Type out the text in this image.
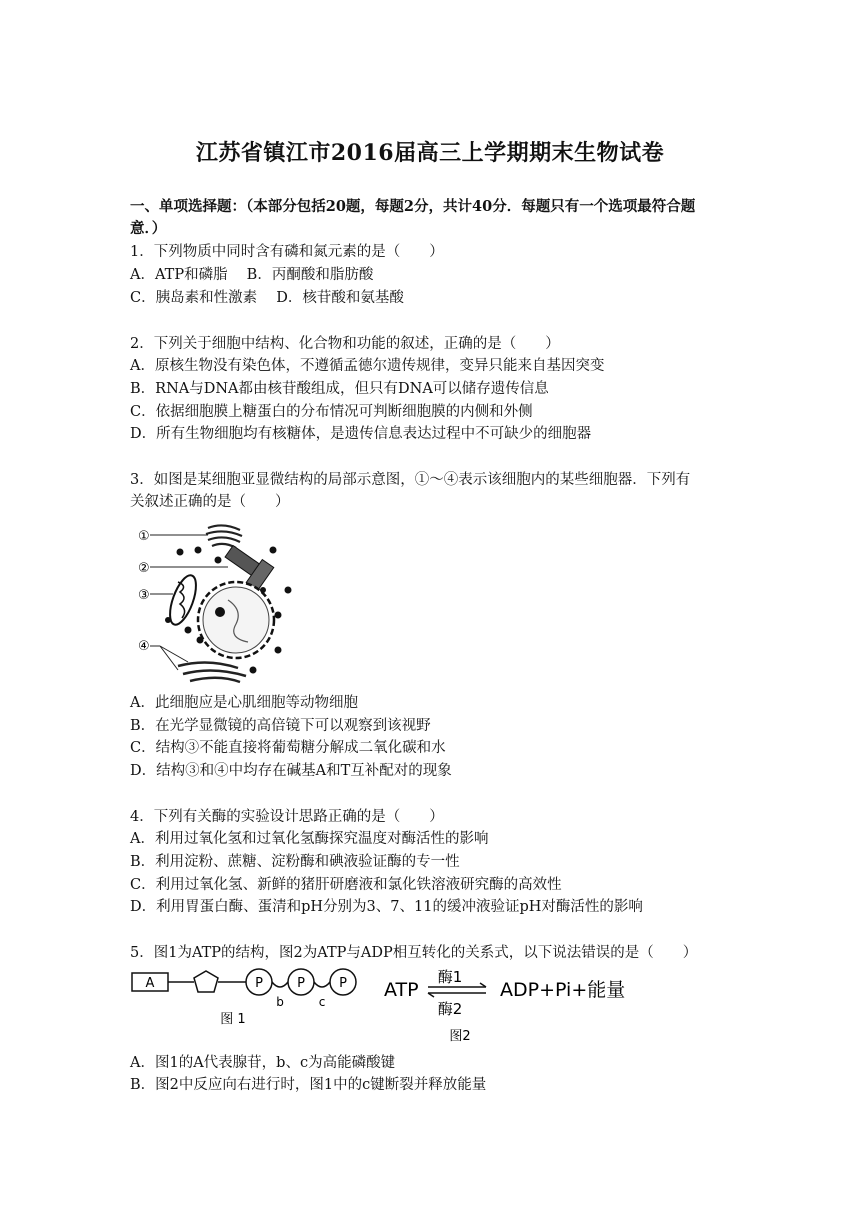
江苏省镇江市2016届高三上学期期末生物试卷
一、单项选择题：（本部分包括20题，每题2分，共计40分．每题只有一个选项最符合题
意．）
1．下列物质中同时含有磷和氮元素的是（　　）
A．ATP和磷脂　 B．丙酮酸和脂肪酸
C．胰岛素和性激素　 D．核苷酸和氨基酸
2．下列关于细胞中结构、化合物和功能的叙述，正确的是（　　）
A．原核生物没有染色体，不遵循孟德尔遗传规律，变异只能来自基因突变
B．RNA与DNA都由核苷酸组成，但只有DNA可以储存遗传信息
C．依据细胞膜上糖蛋白的分布情况可判断细胞膜的内侧和外侧
D．所有生物细胞均有核糖体，是遗传信息表达过程中不可缺少的细胞器
3．如图是某细胞亚显微结构的局部示意图，①～④表示该细胞内的某些细胞器．下列有
关叙述正确的是（　　）
①
②
③
④
A．此细胞应是心肌细胞等动物细胞
B．在光学显微镜的高倍镜下可以观察到该视野
C．结构③不能直接将葡萄糖分解成二氧化碳和水
D．结构③和④中均存在碱基A和T互补配对的现象
4．下列有关酶的实验设计思路正确的是（　　）
A．利用过氧化氢和过氧化氢酶探究温度对酶活性的影响
B．利用淀粉、蔗糖、淀粉酶和碘液验证酶的专一性
C．利用过氧化氢、新鲜的猪肝研磨液和氯化铁溶液研究酶的高效性
D．利用胃蛋白酶、蛋清和pH分别为3、7、11的缓冲液验证pH对酶活性的影响
5．图1为ATP的结构，图2为ATP与ADP相互转化的关系式，以下说法错误的是（　　）
A	P
b
P
c
P
图 1
ATP
酶1
酶2
ADP+Pi+能量
图2
A．图1的A代表腺苷，b、c为高能磷酸键
B．图2中反应向右进行时，图1中的c键断裂并释放能量
